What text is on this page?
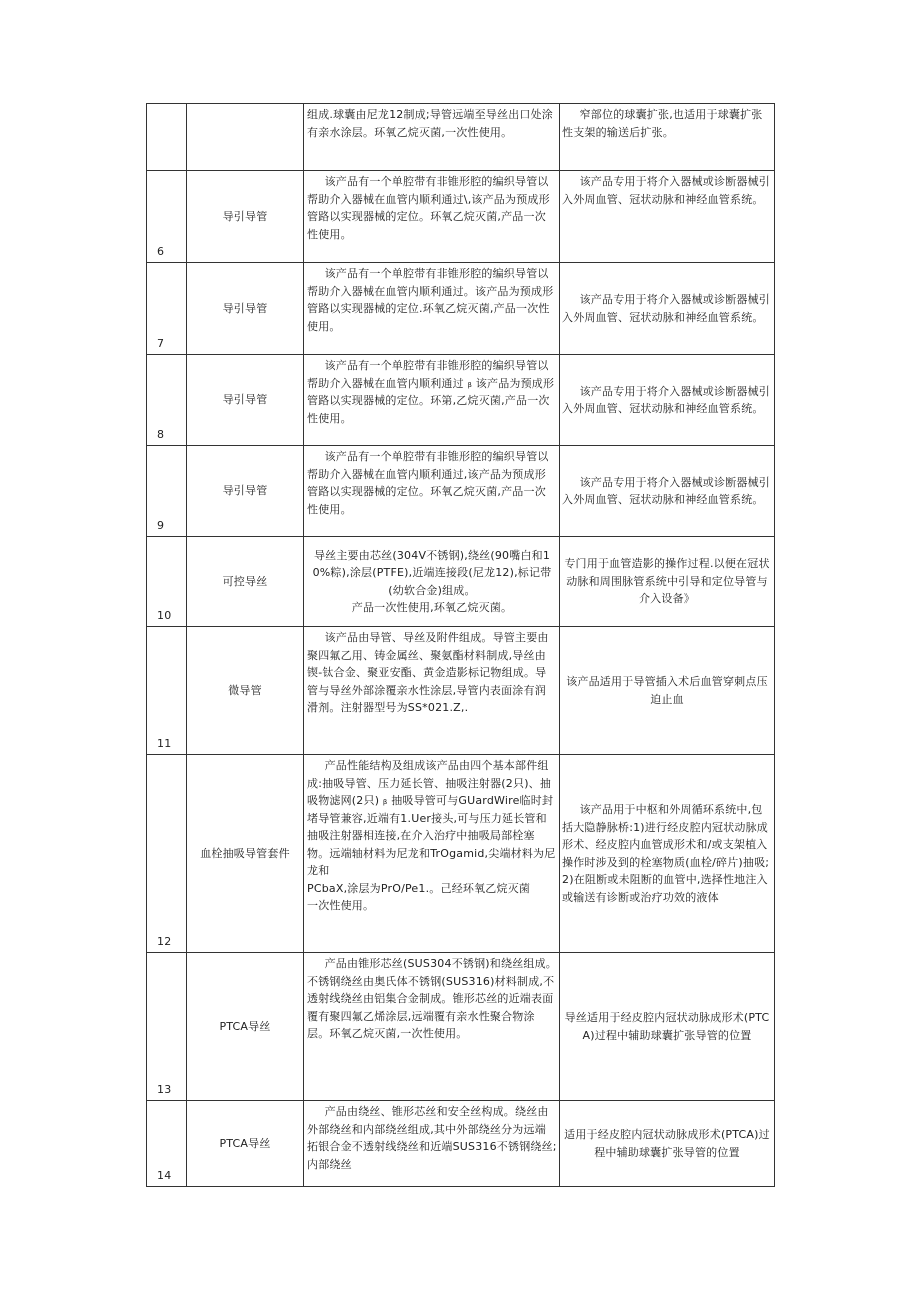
		组成.球囊由尼龙12制成;导管远端至导丝出口处涂有亲水涂层。环氧乙烷灭菌,一次性使用。	窄部位的球囊扩张,也适用于球囊扩张性支架的输送后扩张。
6	导引导管	该产品有一个单腔带有非锥形腔的编织导管以帮助介入器械在血管内顺利通过\,该产品为预成形管路以实现器械的定位。环氧乙烷灭菌,产品一次性使用。	该产品专用于将介入器械或诊断器械引入外周血管、冠状动脉和神经血管系统。
7	导引导管	该产品有一个单腔带有非锥形腔的编织导管以帮助介入器械在血管内顺利通过。该产品为预成形管路以实现器械的定位.环氧乙烷灭菌,产品一次性使用。	该产品专用于将介入器械或诊断器械引入外周血管、冠状动脉和神经血管系统。
8	导引导管	该产品有一个单腔带有非锥形腔的编织导管以帮助介入器械在血管内顺利通过 ᵦ 该产品为预成形管路以实现器械的定位。环第,乙烷灭菌,产品一次性使用。	该产品专用于将介入器械或诊断器械引入外周血管、冠状动脉和神经血管系统。
9	导引导管	该产品有一个单腔带有非锥形腔的编织导管以帮助介入器械在血管内顺利通过,该产品为预成形管路以实现器械的定位。环氧乙烷灭菌,产品一次性使用。	该产品专用于将介入器械或诊断器械引入外周血管、冠状动脉和神经血管系统。
10	可控导丝	导丝主要由芯丝(304V不锈钢),绕丝(90嘴白和10%粽),涂层(PTFE),近端连接段(尼龙12),标记带(幼软合金)组成。
产品一次性使用,环氧乙烷灭菌。	专门用于血管造影的操作过程.以便在冠状动脉和周围脉管系统中引导和定位导管与介入设备》
11	微导管	该产品由导管、导丝及附件组成。导管主要由聚四氟乙用、铸金属丝、聚氨酯材料制成,导丝由锲-钛合金、聚亚安酯、黄金造影标记物组成。导管与导丝外部涂覆亲水性涂层,导管内表面涂有润滑剂。注射器型号为SS*021.Z,.	该产品适用于导管插入术后血管穿刺点压迫止血
12	血栓抽吸导管套件	产品性能结构及组成该产品由四个基本部件组成:抽吸导管、压力延长管、抽吸注射器(2只)、抽吸物滤网(2只) ᵦ 抽吸导管可与GUardWire临时封堵导管兼容,近端有1.Uer接头,可与压力延长管和抽吸注射器相连接,在介入治疗中抽吸局部栓塞物。远端轴材料为尼龙和TrOgamid,尖端材料为尼龙和
PCbaX,涂层为PrO/Pe1.。己经环氧乙烷灭菌
一次性使用。	该产品用于中枢和外周循环系统中,包括大隐静脉桥:1)进行经皮腔内冠状动脉成形术、经皮腔内血管成形术和/或支架植入操作时涉及到的栓塞物质(血栓/碎片)抽吸;2)在阻断或未阻断的血管中,选择性地注入或输送有诊断或治疗功效的液体
13	PTCA导丝	产品由锥形芯丝(SUS304不锈钢)和绕丝组成。不锈钢绕丝由奥氏体不锈钢(SUS316)材料制成,不透射线绕丝由铝集合金制成。锥形芯丝的近端表面覆有聚四氟乙烯涂层,远端覆有亲水性聚合物涂层。环氧乙烷灭菌,一次性使用。	导丝适用于经皮腔内冠状动脉成形术(PTCA)过程中辅助球囊扩张导管的位置
14	PTCA导丝	产品由绕丝、锥形芯丝和安全丝构成。绕丝由外部绕丝和内部绕丝组成,其中外部绕丝分为远端拓银合金不透射线绕丝和近端SUS316不锈钢绕丝;内部绕丝	适用于经皮腔内冠状动脉成形术(PTCA)过程中辅助球囊扩张导管的位置
